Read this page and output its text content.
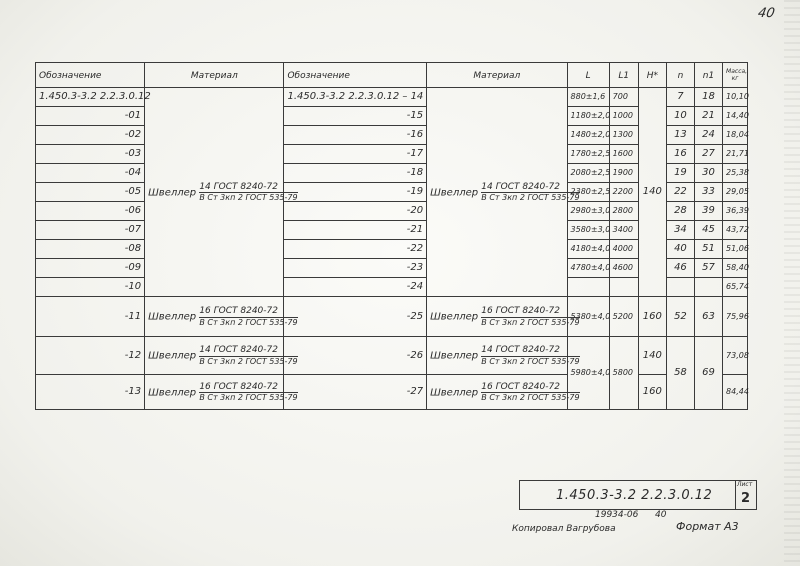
40
Обозначение	Материал	Обозначение	Материал	L	L1	H*	n	n1	Масса, кг
1.450.3-3.2 2.2.3.0.12	Швеллер $\frac{\text{14 ГОСТ 8240-72}}{\text{В Ст 3кп 2 ГОСТ 535-79}}$	1.450.3-3.2 2.2.3.0.12 – 14	Швеллер $\frac{\text{14 ГОСТ 8240-72}}{\text{В Ст 3кп 2 ГОСТ 535-79}}$	880±1,6	700	140	7	18	10,10
-01		-15		1180±2,0	1000		10	21	14,40
-02		-16		1480±2,0	1300		13	24	18,04
-03		-17		1780±2,5	1600		16	27	21,71
-04		-18		2080±2,5	1900		19	30	25,38
-05		-19		2380±2,5	2200		22	33	29,05
-06		-20		2980±3,0	2800		28	39	36,39
-07		-21		3580±3,0	3400		34	45	43,72
-08		-22		4180±4,0	4000		40	51	51,06
-09		-23		4780±4,0	4600		46	57	58,40
-10		-24							65,74
-11	Швеллер $\frac{\text{16 ГОСТ 8240-72}}{\text{В Ст 3кп 2 ГОСТ 535-79}}$	-25	Швеллер $\frac{\text{16 ГОСТ 8240-72}}{\text{В Ст 3кп 2 ГОСТ 535-79}}$	5380±4,0	5200	160	52	63	75,96
-12	Швеллер $\frac{\text{14 ГОСТ 8240-72}}{\text{В Ст 3кп 2 ГОСТ 535-79}}$	-26	Швеллер $\frac{\text{14 ГОСТ 8240-72}}{\text{В Ст 3кп 2 ГОСТ 535-79}}$	5980±4,0	5800	140	58	69	73,08
-13	Швеллер $\frac{\text{16 ГОСТ 8240-72}}{\text{В Ст 3кп 2 ГОСТ 535-79}}$	-27	Швеллер $\frac{\text{16 ГОСТ 8240-72}}{\text{В Ст 3кп 2 ГОСТ 535-79}}$			160			84,44
1.450.3-3.2 2.2.3.0.12
Лист
2
19934-06 40
Копировал Вагрубова	Формат А3
